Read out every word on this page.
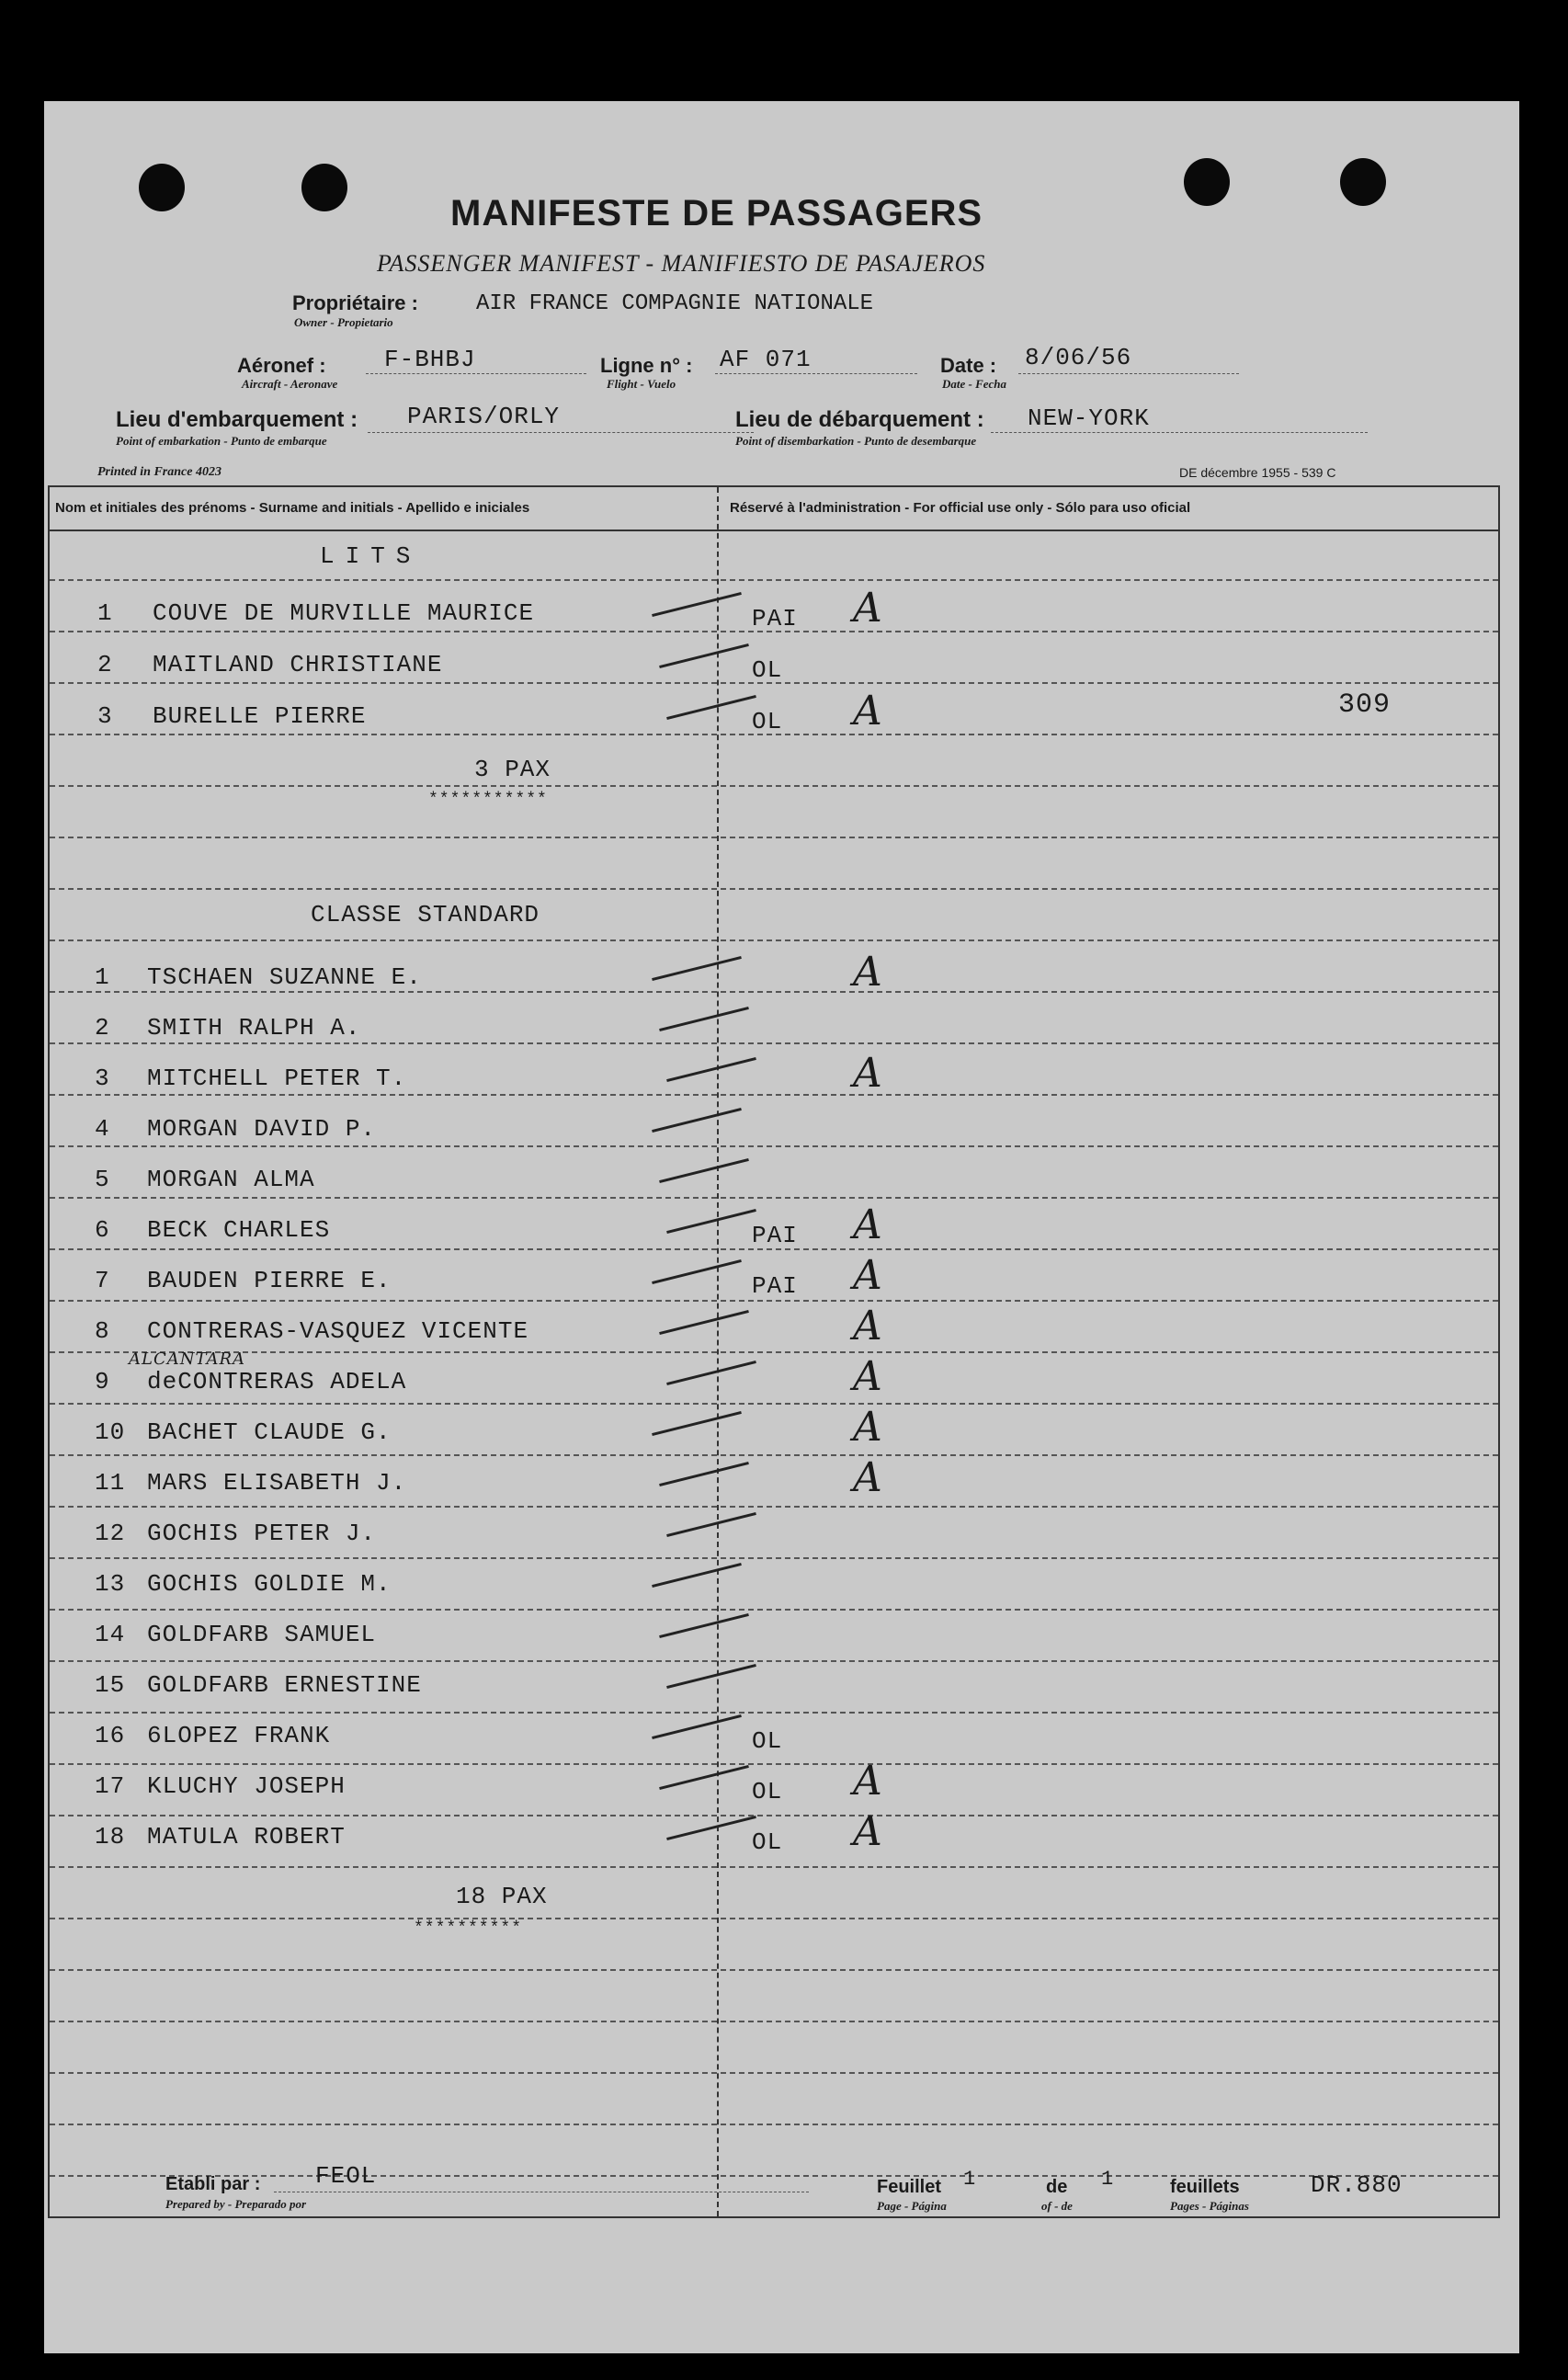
MANIFESTE DE PASSAGERS
PASSENGER MANIFEST - MANIFIESTO DE PASAJEROS
Propriétaire :
Owner - Propietario
AIR FRANCE COMPAGNIE NATIONALE
Aéronef :
Aircraft - Aeronave
F-BHBJ	Ligne n° :
Flight - Vuelo
AF 071	Date :
Date - Fecha
8/06/56
Lieu d'embarquement :
Point of embarkation - Punto de embarque
PARIS/ORLY	Lieu de débarquement :
Point of disembarkation - Punto de desembarque
NEW-YORK
Printed in France 4023	DE décembre 1955 - 539 C
Nom et initiales des prénoms - Surname and initials - Apellido e iniciales	Réservé à l'administration - For official use only - Sólo para uso oficial
LITS
1 COUVE DE MURVILLE MAURICE	PAI A
2 MAITLAND CHRISTIANE	OL
3 BURELLE PIERRE	OL A	309
3 PAX
***********
CLASSE STANDARD
ALCANTARA
1 TSCHAEN SUZANNE E.	A
2 SMITH RALPH A.
3 MITCHELL PETER T.	A
4 MORGAN DAVID P.
5 MORGAN ALMA
6 BECK CHARLES	PAI A
7 BAUDEN PIERRE E.	PAI A
8 CONTRERAS-VASQUEZ VICENTE	A
9 deCONTRERAS ADELA	A
10 BACHET CLAUDE G.	A
11 MARS ELISABETH J.	A
12 GOCHIS PETER J.
13 GOCHIS GOLDIE M.
14 GOLDFARB SAMUEL
15 GOLDFARB ERNESTINE
16 6LOPEZ FRANK	OL
17 KLUCHY JOSEPH	OL A
18 MATULA ROBERT	OL A
18 PAX
**********
Etabli par :
Prepared by - Preparado por
FEOL	Feuillet 1	de 1	feuillets
Page - Página	of - de	Pages - Páginas
DR.880
